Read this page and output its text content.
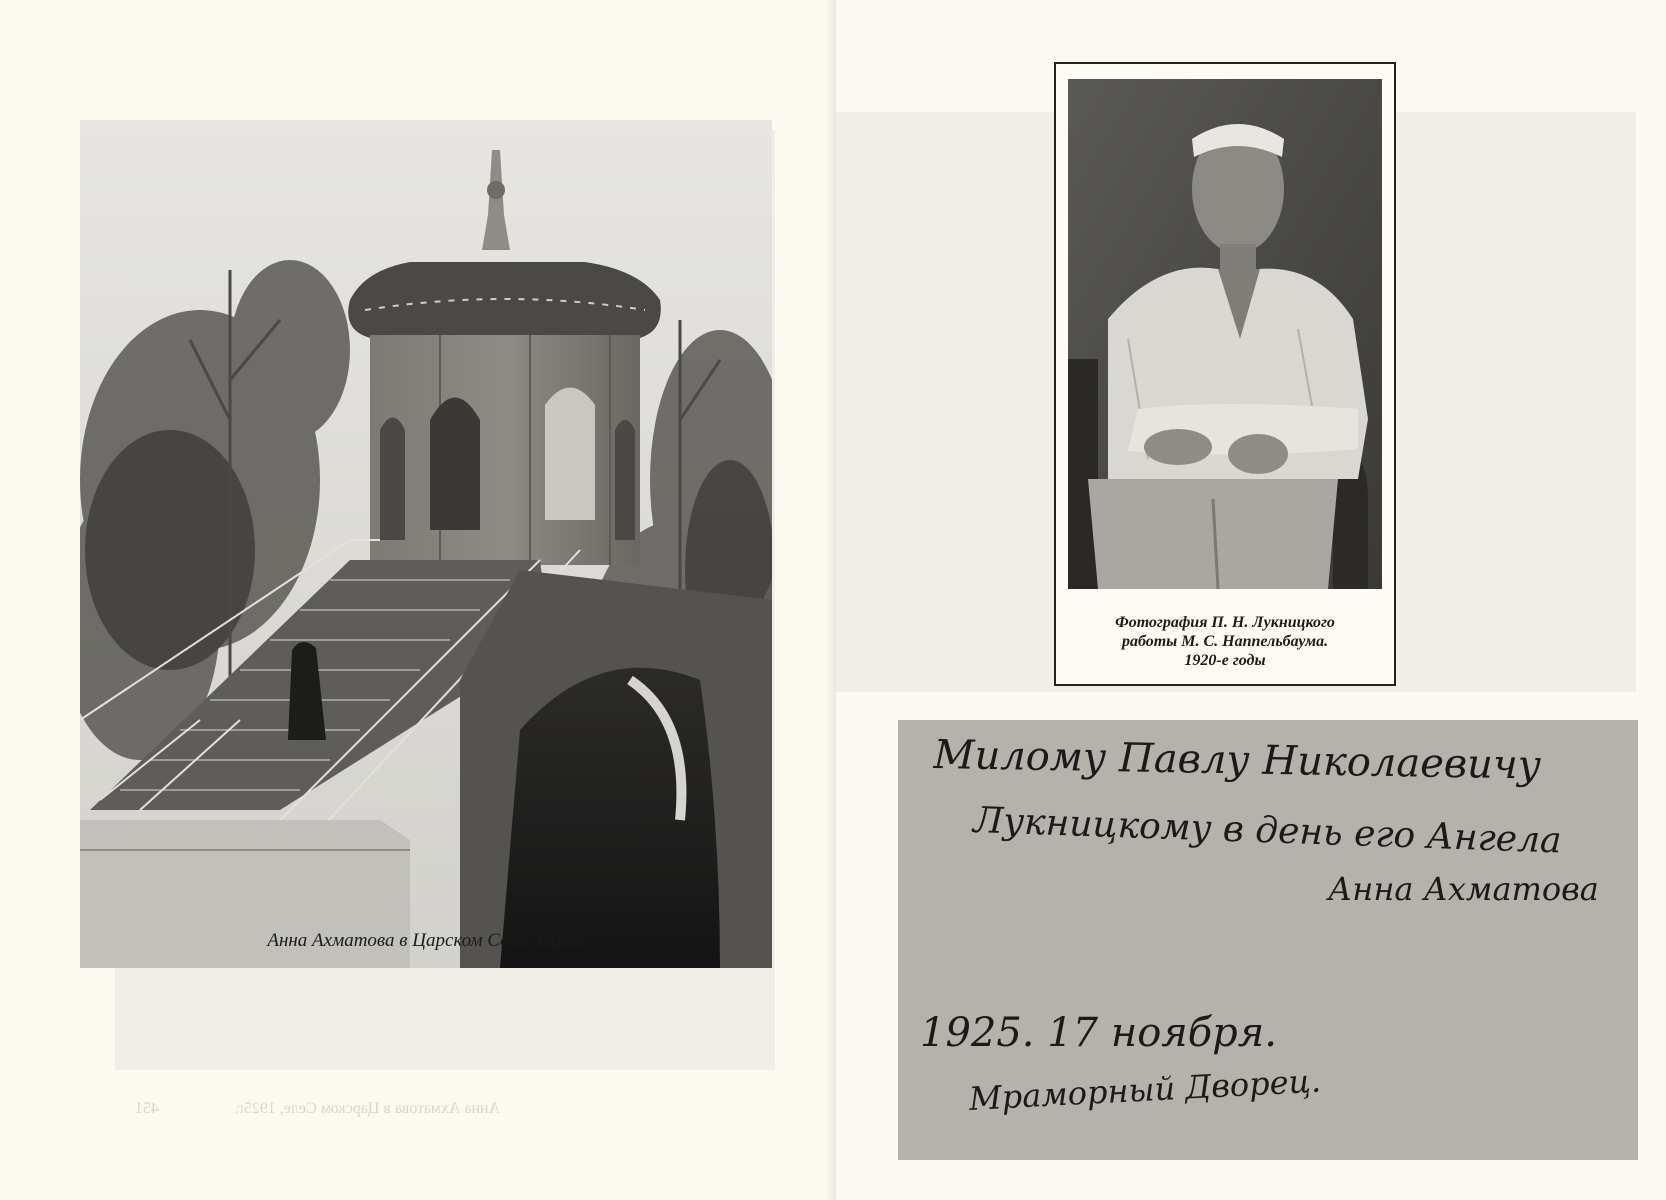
Анна Ахматова в Царском Селе, 1925г.
Анна Ахматова в Царском Селе, 1925г.
451
Фотография П. Н. Лукницкого
работы М. С. Наппельбаума.
1920-е годы
Милому Павлу Николаевичу
Лукницкому в день его Ангела
Анна Ахматова
1925. 17 ноября.
Мраморный Дворец.
